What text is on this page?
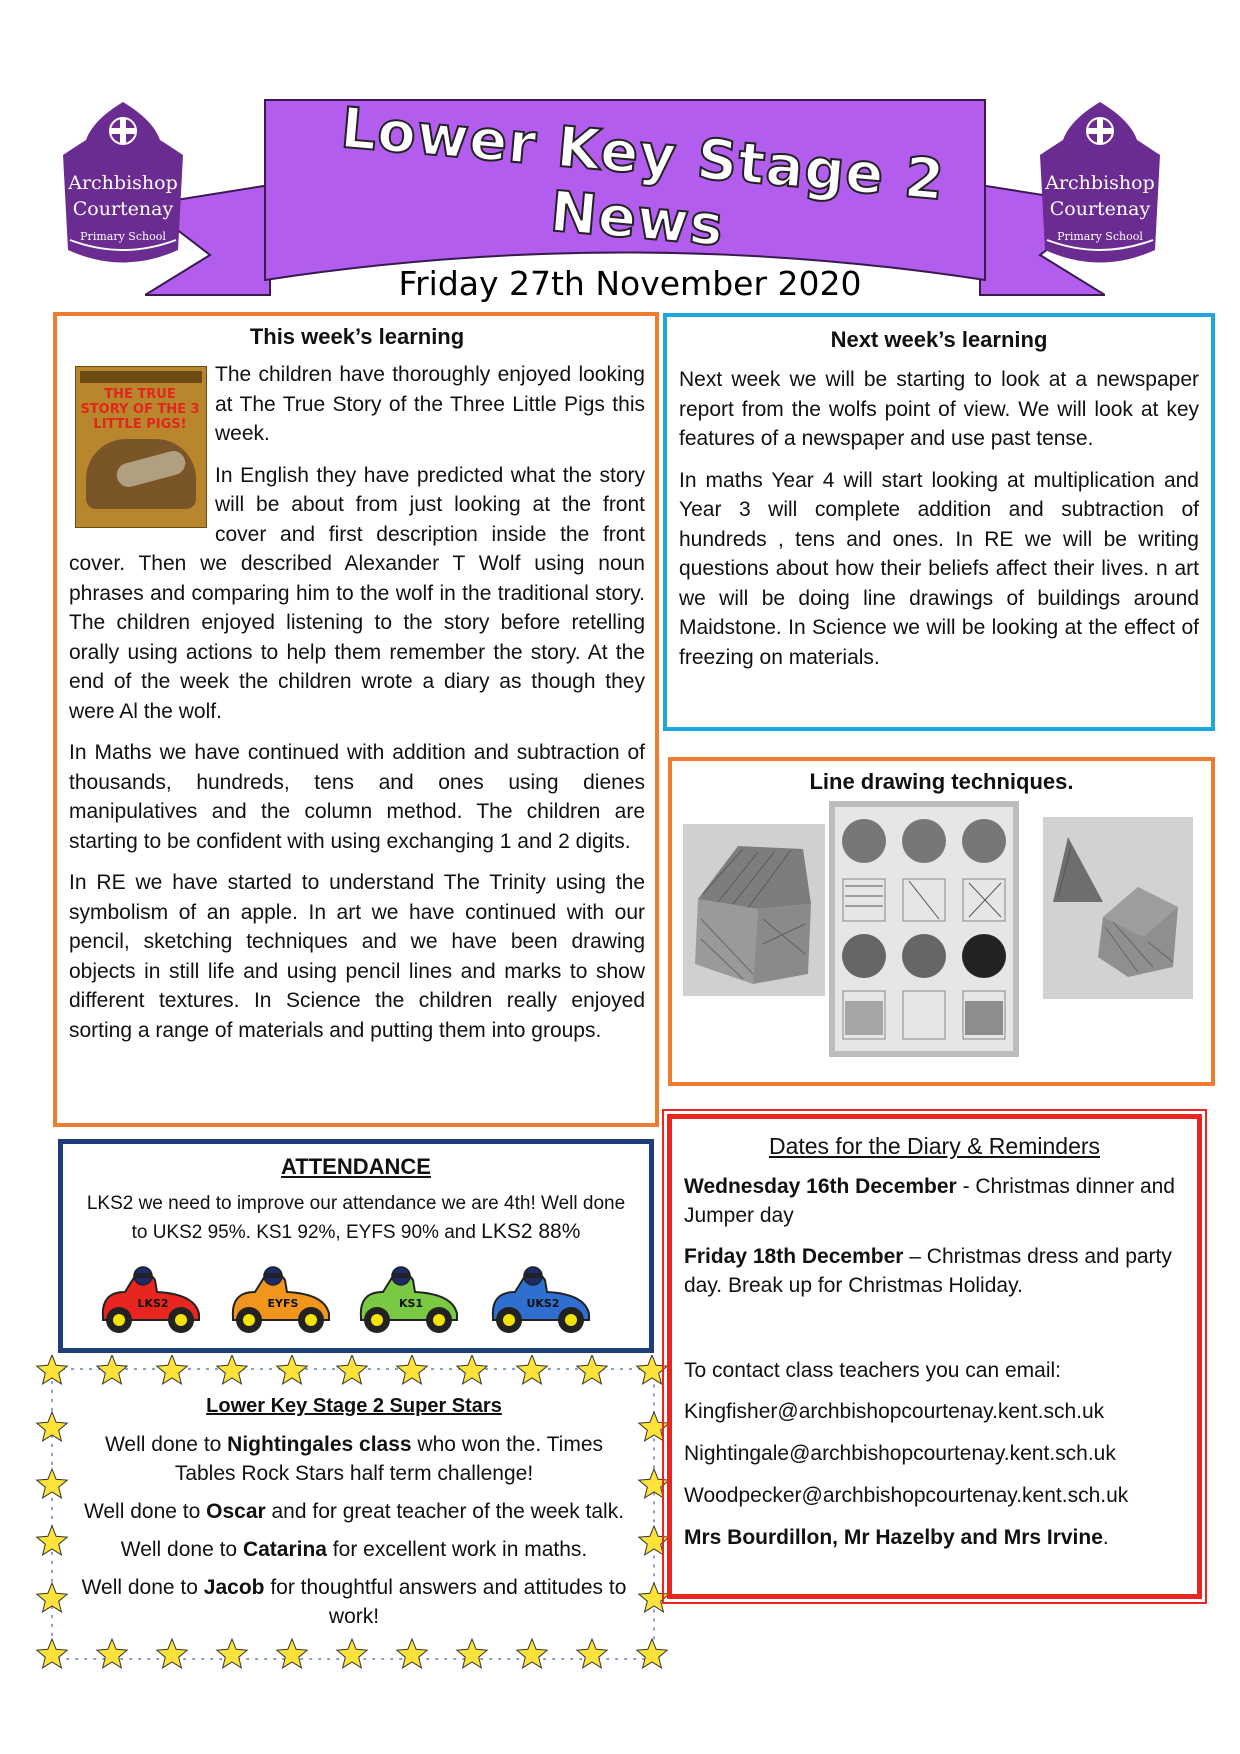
Lower Key Stage 2 News
Friday 27th November 2020
Archbishop
Courtenay
Primary School
Archbishop
Courtenay
Primary School

This week’s learning

THE TRUE STORY OF THE 3 LITTLE PIGS!

The children have thoroughly enjoyed looking at The True Story of the Three Little Pigs this week.

In English they have predicted what the story will be about from just looking at the front cover and first description inside the front cover. Then we described Alexander T Wolf using noun phrases and comparing him to the wolf in the traditional story. The children enjoyed listening to the story before retelling orally using actions to help them remember the story. At the end of the week the children wrote a diary as though they were Al the wolf.

In Maths we have continued with addition and subtraction of thousands, hundreds, tens and ones using dienes manipulatives and the column method. The children are starting to be confident with using exchanging 1 and 2 digits.

In RE we have started to understand The Trinity using the symbolism of an apple. In art we have continued with our pencil, sketching techniques and we have been drawing objects in still life and using pencil lines and marks to show different textures. In Science the children really enjoyed sorting a range of materials and putting them into groups.

Next week’s learning

Next week we will be starting to look at a newspaper report from the wolfs point of view. We will look at key features of a newspaper and use past tense.

In maths Year 4 will start looking at multiplication and Year 3 will complete addition and subtraction of hundreds , tens and ones. In RE we will be writing questions about how their beliefs affect their lives. n art we will be doing line drawings of buildings around Maidstone. In Science we will be looking at the effect of freezing on materials.

Line drawing techniques.

ATTENDANCE

LKS2 we need to improve our attendance we are 4th! Well done to UKS2 95%. KS1 92%, EYFS 90% and LKS2 88%

LKS2	EYFS	KS1	UKS2

Lower Key Stage 2 Super Stars

Well done to Nightingales class who won the. Times Tables Rock Stars half term challenge!

Well done to Oscar and for great teacher of the week talk.

Well done to Catarina for excellent work in maths.

Well done to Jacob for thoughtful answers and attitudes to work!

Dates for the Diary & Reminders

Wednesday 16th December - Christmas dinner and Jumper day

Friday 18th December – Christmas dress and party day. Break up for Christmas Holiday.

To contact class teachers you can email:

Kingfisher@archbishopcourtenay.kent.sch.uk

Nightingale@archbishopcourtenay.kent.sch.uk

Woodpecker@archbishopcourtenay.kent.sch.uk

Mrs Bourdillon, Mr Hazelby and Mrs Irvine.
